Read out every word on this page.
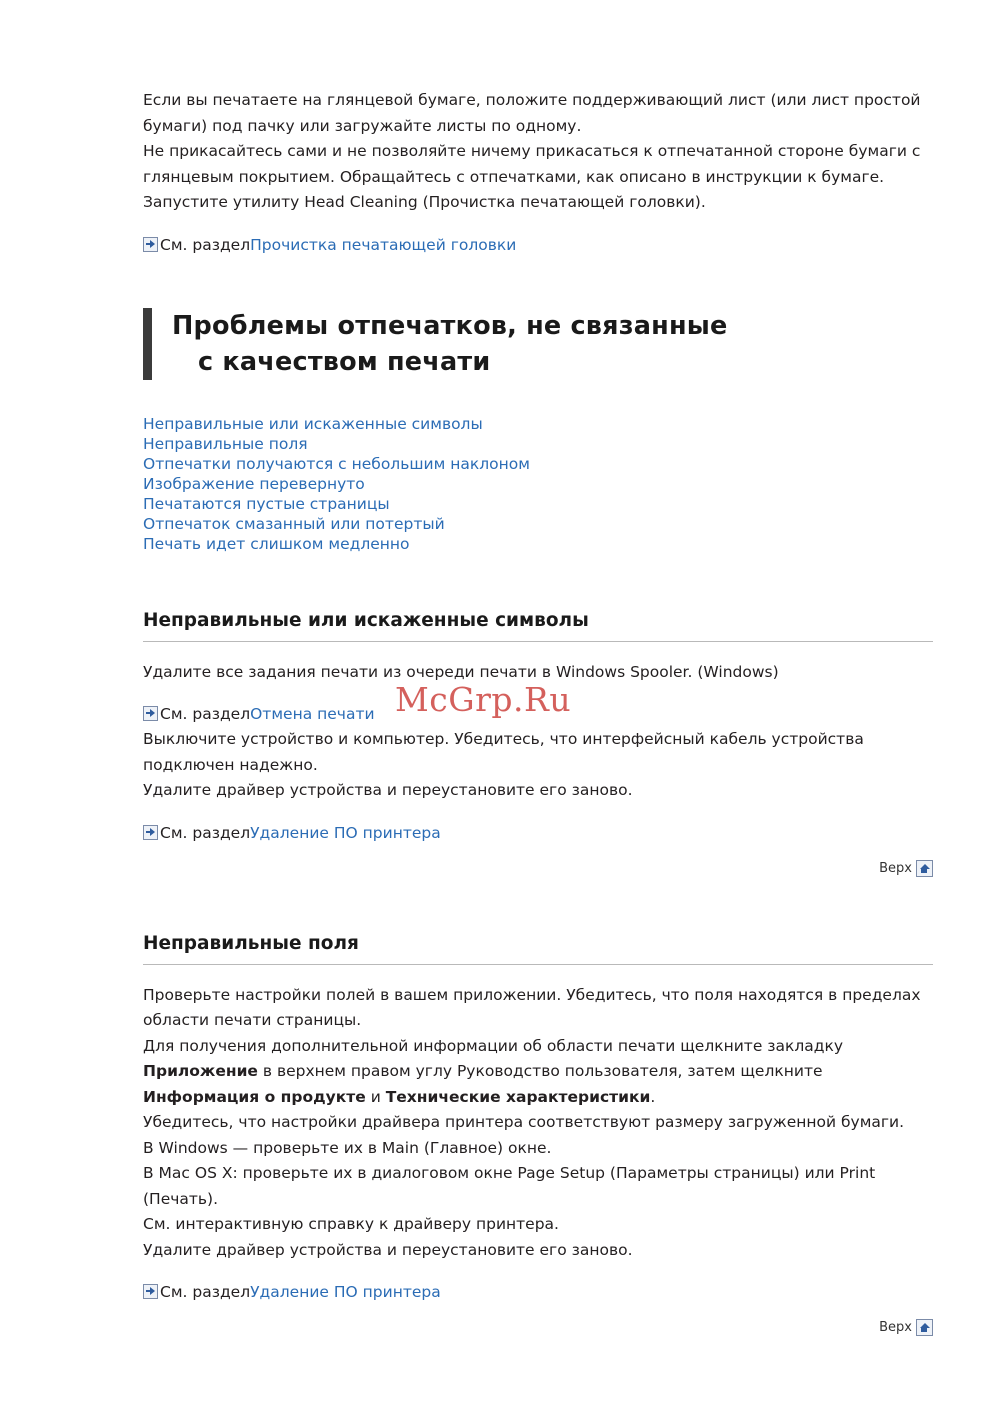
Если вы печатаете на глянцевой бумаге, положите поддерживающий лист (или лист простой бумаги) под пачку или загружайте листы по одному.

Не прикасайтесь сами и не позволяйте ничему прикасаться к отпечатанной стороне бумаги с глянцевым покрытием. Обращайтесь с отпечатками, как описано в инструкции к бумаге.

Запустите утилиту Head Cleaning (Прочистка печатающей головки).

См. раздел Прочистка печатающей головки
Проблемы отпечатков, не связанные
с качеством печати
Неправильные или искаженные символы
Неправильные поля
Отпечатки получаются с небольшим наклоном
Изображение перевернуто
Печатаются пустые страницы
Отпечаток смазанный или потертый
Печать идет слишком медленно
Неправильные или искаженные символы

Удалите все задания печати из очереди печати в Windows Spooler. (Windows)

См. раздел Отмена печати

Выключите устройство и компьютер. Убедитесь, что интерфейсный кабель устройства подключен надежно.

Удалите драйвер устройства и переустановите его заново.

См. раздел Удаление ПО принтера
Верх
Неправильные поля

Проверьте настройки полей в вашем приложении. Убедитесь, что поля находятся в пределах области печати страницы.

Для получения дополнительной информации об области печати щелкните закладку Приложение в верхнем правом углу Руководство пользователя, затем щелкните Информация о продукте и Технические характеристики.

Убедитесь, что настройки драйвера принтера соответствуют размеру загруженной бумаги.

В Windows — проверьте их в Main (Главное) окне.

В Mac OS X: проверьте их в диалоговом окне Page Setup (Параметры страницы) или Print (Печать).

См. интерактивную справку к драйверу принтера.

Удалите драйвер устройства и переустановите его заново.

См. раздел Удаление ПО принтера
Верх
McGrp.Ru
